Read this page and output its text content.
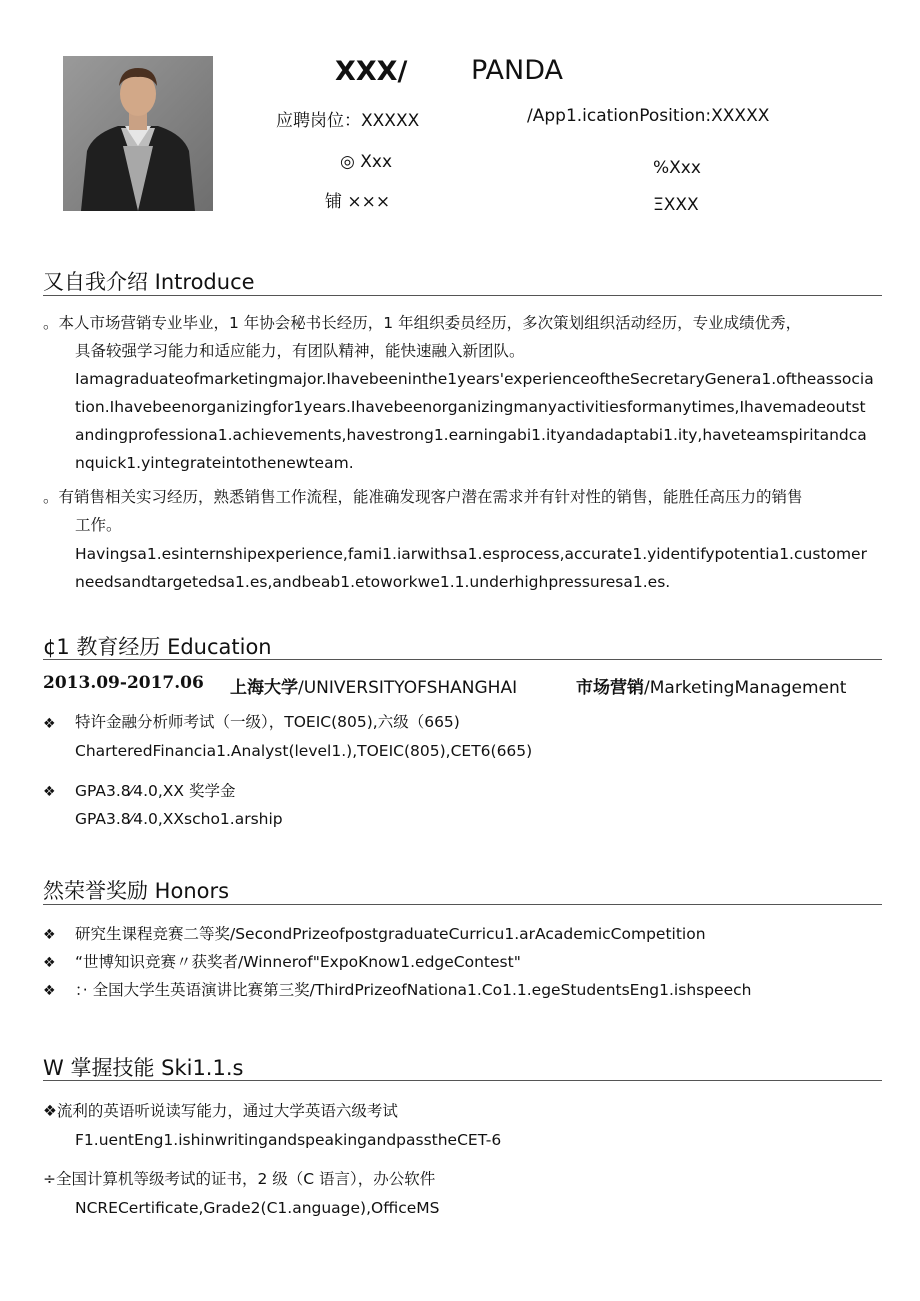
XXX/ PANDA
应聘岗位：XXXXX	/App1.icationPosition:XXXXX
◎ Xxx	%Xxx
铺 ×××	ΞXXX
又自我介绍 Introduce
。本人市场营销专业毕业，1 年协会秘书长经历，1 年组织委员经历，多次策划组织活动经历，专业成绩优秀，
具备较强学习能力和适应能力，有团队精神，能快速融入新团队。
Iamagraduateofmarketingmajor.Ihavebeeninthe1years'experienceoftheSecretaryGenera1.oftheassociation.Ihavebeenorganizingfor1years.Ihavebeenorganizingmanyactivitiesformanytimes,Ihavemadeoutstandingprofessiona1.achievements,havestrong1.earningabi1.ityandadaptabi1.ity,haveteamspiritandcanquick1.yintegrateintothenewteam.
。有销售相关实习经历，熟悉销售工作流程，能准确发现客户潜在需求并有针对性的销售，能胜任高压力的销售
工作。
Havingsa1.esinternshipexperience,fami1.iarwithsa1.esprocess,accurate1.yidentifypotentia1.customerneedsandtargetedsa1.es,andbeab1.etoworkwe1.1.underhighpressuresa1.es.
¢1 教育经历 Education
2013.09-2017.06 上海大学/UNIVERSITYOFSHANGHAI	市场营销/MarketingManagement
❖ 特许金融分析师考试（一级），TOEIC(805),六级（665)
CharteredFinancia1.Analyst(level1.),TOEIC(805),CET6(665)
❖ GPA3.8⁄4.0,XX 奖学金
GPA3.8⁄4.0,XXscho1.arship
然荣誉奖励 Honors
❖ 研究生课程竞赛二等奖/SecondPrizeofpostgraduateCurricu1.arAcademicCompetition
❖ “世博知识竞赛〃获奖者/Winnerof"ExpoKnow1.edgeContest"
❖ ：· 全国大学生英语演讲比赛第三奖/ThirdPrizeofNationa1.Co1.1.egeStudentsEng1.ishspeech
W 掌握技能 Ski1.1.s
❖流利的英语听说读写能力，通过大学英语六级考试
F1.uentEng1.ishinwritingandspeakingandpasstheCET-6
÷全国计算机等级考试的证书，2 级（C 语言），办公软件
NCRECertificate,Grade2(C1.anguage),OfficeMS
